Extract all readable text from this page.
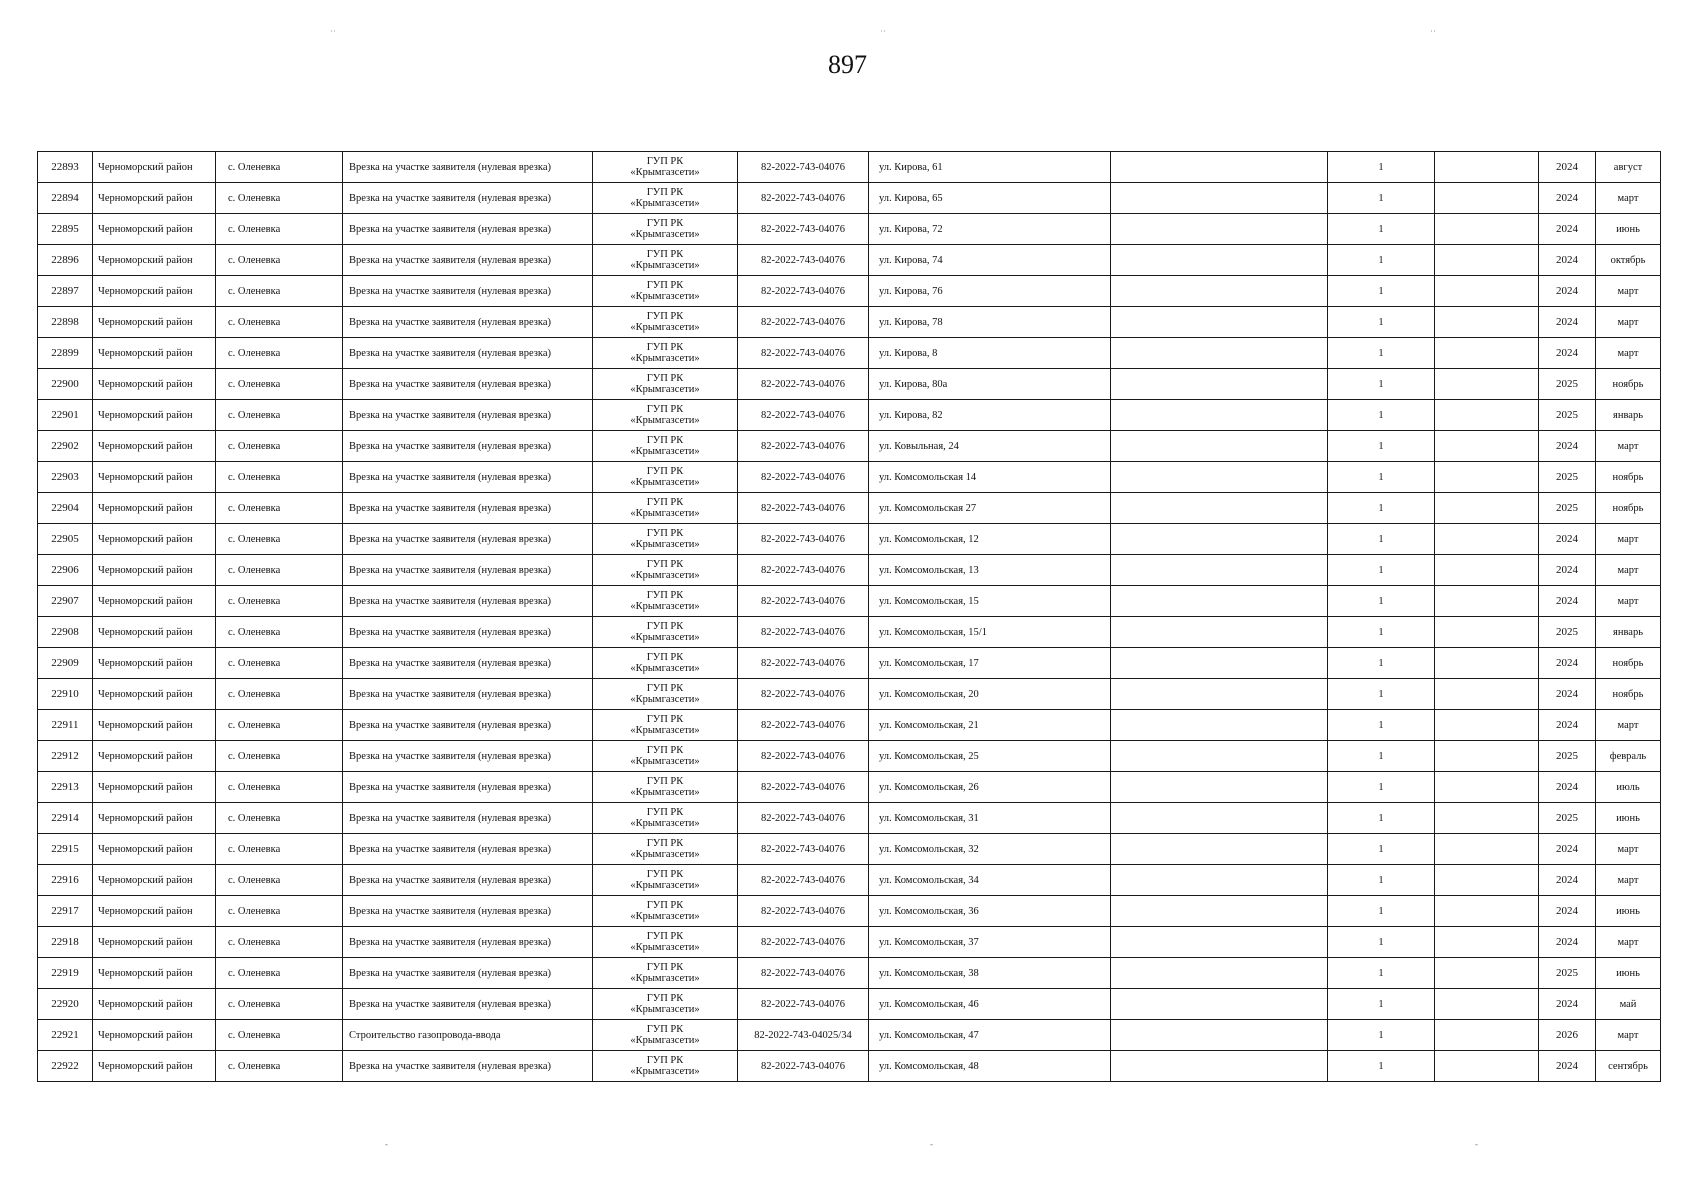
897
22893	Черноморский район	с. Оленевка	Врезка на участке заявителя (нулевая врезка)	ГУП РК
«Крымгазсети»	82-2022-743-04076	ул. Кирова, 61		1		2024	август
22894	Черноморский район	с. Оленевка	Врезка на участке заявителя (нулевая врезка)	ГУП РК
«Крымгазсети»	82-2022-743-04076	ул. Кирова, 65		1		2024	март
22895	Черноморский район	с. Оленевка	Врезка на участке заявителя (нулевая врезка)	ГУП РК
«Крымгазсети»	82-2022-743-04076	ул. Кирова, 72		1		2024	июнь
22896	Черноморский район	с. Оленевка	Врезка на участке заявителя (нулевая врезка)	ГУП РК
«Крымгазсети»	82-2022-743-04076	ул. Кирова, 74		1		2024	октябрь
22897	Черноморский район	с. Оленевка	Врезка на участке заявителя (нулевая врезка)	ГУП РК
«Крымгазсети»	82-2022-743-04076	ул. Кирова, 76		1		2024	март
22898	Черноморский район	с. Оленевка	Врезка на участке заявителя (нулевая врезка)	ГУП РК
«Крымгазсети»	82-2022-743-04076	ул. Кирова, 78		1		2024	март
22899	Черноморский район	с. Оленевка	Врезка на участке заявителя (нулевая врезка)	ГУП РК
«Крымгазсети»	82-2022-743-04076	ул. Кирова, 8		1		2024	март
22900	Черноморский район	с. Оленевка	Врезка на участке заявителя (нулевая врезка)	ГУП РК
«Крымгазсети»	82-2022-743-04076	ул. Кирова, 80а		1		2025	ноябрь
22901	Черноморский район	с. Оленевка	Врезка на участке заявителя (нулевая врезка)	ГУП РК
«Крымгазсети»	82-2022-743-04076	ул. Кирова, 82		1		2025	январь
22902	Черноморский район	с. Оленевка	Врезка на участке заявителя (нулевая врезка)	ГУП РК
«Крымгазсети»	82-2022-743-04076	ул. Ковыльная, 24		1		2024	март
22903	Черноморский район	с. Оленевка	Врезка на участке заявителя (нулевая врезка)	ГУП РК
«Крымгазсети»	82-2022-743-04076	ул. Комсомольская 14		1		2025	ноябрь
22904	Черноморский район	с. Оленевка	Врезка на участке заявителя (нулевая врезка)	ГУП РК
«Крымгазсети»	82-2022-743-04076	ул. Комсомольская 27		1		2025	ноябрь
22905	Черноморский район	с. Оленевка	Врезка на участке заявителя (нулевая врезка)	ГУП РК
«Крымгазсети»	82-2022-743-04076	ул. Комсомольская, 12		1		2024	март
22906	Черноморский район	с. Оленевка	Врезка на участке заявителя (нулевая врезка)	ГУП РК
«Крымгазсети»	82-2022-743-04076	ул. Комсомольская, 13		1		2024	март
22907	Черноморский район	с. Оленевка	Врезка на участке заявителя (нулевая врезка)	ГУП РК
«Крымгазсети»	82-2022-743-04076	ул. Комсомольская, 15		1		2024	март
22908	Черноморский район	с. Оленевка	Врезка на участке заявителя (нулевая врезка)	ГУП РК
«Крымгазсети»	82-2022-743-04076	ул. Комсомольская, 15/1		1		2025	январь
22909	Черноморский район	с. Оленевка	Врезка на участке заявителя (нулевая врезка)	ГУП РК
«Крымгазсети»	82-2022-743-04076	ул. Комсомольская, 17		1		2024	ноябрь
22910	Черноморский район	с. Оленевка	Врезка на участке заявителя (нулевая врезка)	ГУП РК
«Крымгазсети»	82-2022-743-04076	ул. Комсомольская, 20		1		2024	ноябрь
22911	Черноморский район	с. Оленевка	Врезка на участке заявителя (нулевая врезка)	ГУП РК
«Крымгазсети»	82-2022-743-04076	ул. Комсомольская, 21		1		2024	март
22912	Черноморский район	с. Оленевка	Врезка на участке заявителя (нулевая врезка)	ГУП РК
«Крымгазсети»	82-2022-743-04076	ул. Комсомольская, 25		1		2025	февраль
22913	Черноморский район	с. Оленевка	Врезка на участке заявителя (нулевая врезка)	ГУП РК
«Крымгазсети»	82-2022-743-04076	ул. Комсомольская, 26		1		2024	июль
22914	Черноморский район	с. Оленевка	Врезка на участке заявителя (нулевая врезка)	ГУП РК
«Крымгазсети»	82-2022-743-04076	ул. Комсомольская, 31		1		2025	июнь
22915	Черноморский район	с. Оленевка	Врезка на участке заявителя (нулевая врезка)	ГУП РК
«Крымгазсети»	82-2022-743-04076	ул. Комсомольская, 32		1		2024	март
22916	Черноморский район	с. Оленевка	Врезка на участке заявителя (нулевая врезка)	ГУП РК
«Крымгазсети»	82-2022-743-04076	ул. Комсомольская, 34		1		2024	март
22917	Черноморский район	с. Оленевка	Врезка на участке заявителя (нулевая врезка)	ГУП РК
«Крымгазсети»	82-2022-743-04076	ул. Комсомольская, 36		1		2024	июнь
22918	Черноморский район	с. Оленевка	Врезка на участке заявителя (нулевая врезка)	ГУП РК
«Крымгазсети»	82-2022-743-04076	ул. Комсомольская, 37		1		2024	март
22919	Черноморский район	с. Оленевка	Врезка на участке заявителя (нулевая врезка)	ГУП РК
«Крымгазсети»	82-2022-743-04076	ул. Комсомольская, 38		1		2025	июнь
22920	Черноморский район	с. Оленевка	Врезка на участке заявителя (нулевая врезка)	ГУП РК
«Крымгазсети»	82-2022-743-04076	ул. Комсомольская, 46		1		2024	май
22921	Черноморский район	с. Оленевка	Строительство газопровода-ввода	ГУП РК
«Крымгазсети»	82-2022-743-04025/34	ул. Комсомольская, 47		1		2026	март
22922	Черноморский район	с. Оленевка	Врезка на участке заявителя (нулевая врезка)	ГУП РК
«Крымгазсети»	82-2022-743-04076	ул. Комсомольская, 48		1		2024	сентябрь
˙˙	˙˙	˙˙
-	-	-
